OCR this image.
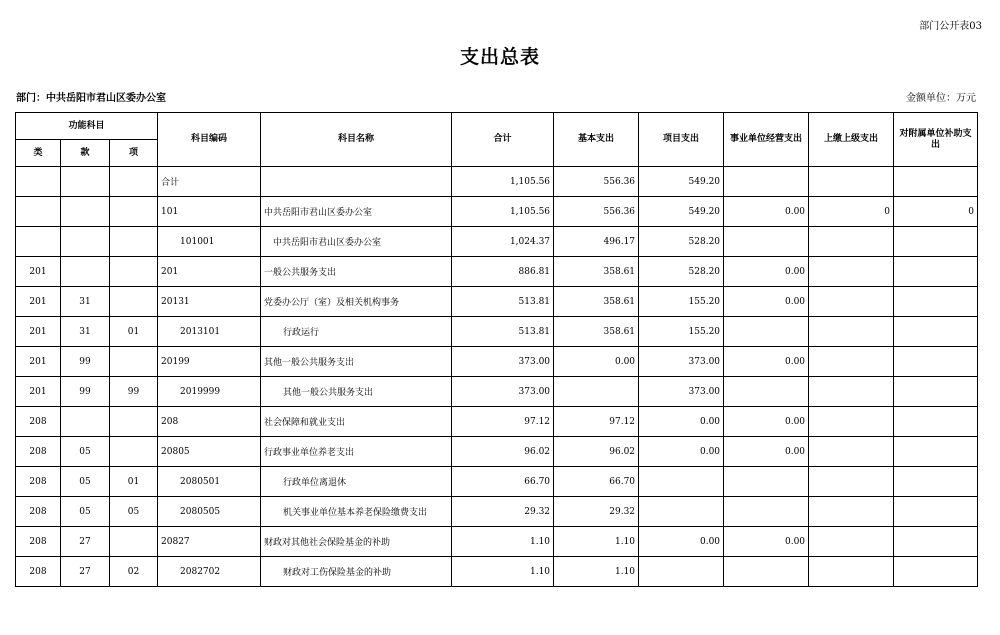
部门公开表03
支出总表
部门：中共岳阳市君山区委办公室	金额单位：万元
功能科目			科目编码	科目名称	合计	基本支出	项目支出	事业单位经营支出	上缴上级支出	对附属单位补助支出
类	款	项								
			合计		1,105.56	556.36	549.20			
			101	中共岳阳市君山区委办公室	1,105.56	556.36	549.20	0.00	0	0
			101001	中共岳阳市君山区委办公室	1,024.37	496.17	528.20			
201			201	一般公共服务支出	886.81	358.61	528.20	0.00		
201	31		20131	党委办公厅（室）及相关机构事务	513.81	358.61	155.20	0.00		
201	31	01	2013101	行政运行	513.81	358.61	155.20			
201	99		20199	其他一般公共服务支出	373.00	0.00	373.00	0.00		
201	99	99	2019999	其他一般公共服务支出	373.00		373.00			
208			208	社会保障和就业支出	97.12	97.12	0.00	0.00		
208	05		20805	行政事业单位养老支出	96.02	96.02	0.00	0.00		
208	05	01	2080501	行政单位离退休	66.70	66.70				
208	05	05	2080505	机关事业单位基本养老保险缴费支出	29.32	29.32				
208	27		20827	财政对其他社会保险基金的补助	1.10	1.10	0.00	0.00		
208	27	02	2082702	财政对工伤保险基金的补助	1.10	1.10				
